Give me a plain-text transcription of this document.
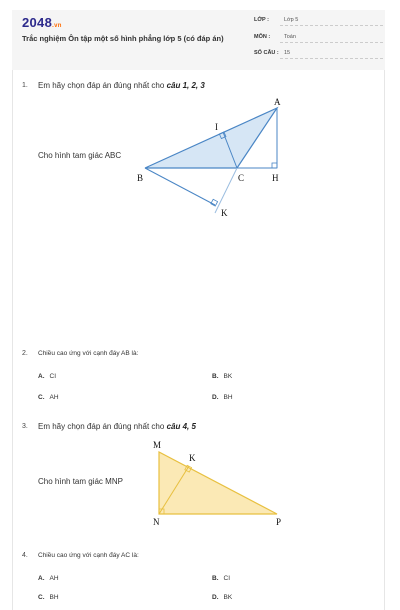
2048.vn
Trắc nghiệm Ôn tập một số hình phẳng lớp 5 (có đáp án)
LỚP :	Lớp 5
MÔN :	Toán
SỐ CÂU : 15
1. Em hãy chọn đáp án đúng nhất cho câu 1, 2, 3
Cho hình tam giác ABC
A
B	C	H
I
K
2. Chiều cao ứng với cạnh đáy AB là:
A. CI	B. BK
C. AH	D. BH
3. Em hãy chọn đáp án đúng nhất cho câu 4, 5
Cho hình tam giác MNP
M
K
N	P
4. Chiều cao ứng với cạnh đáy AC là:
A. AH	B. CI
C. BH	D. BK
